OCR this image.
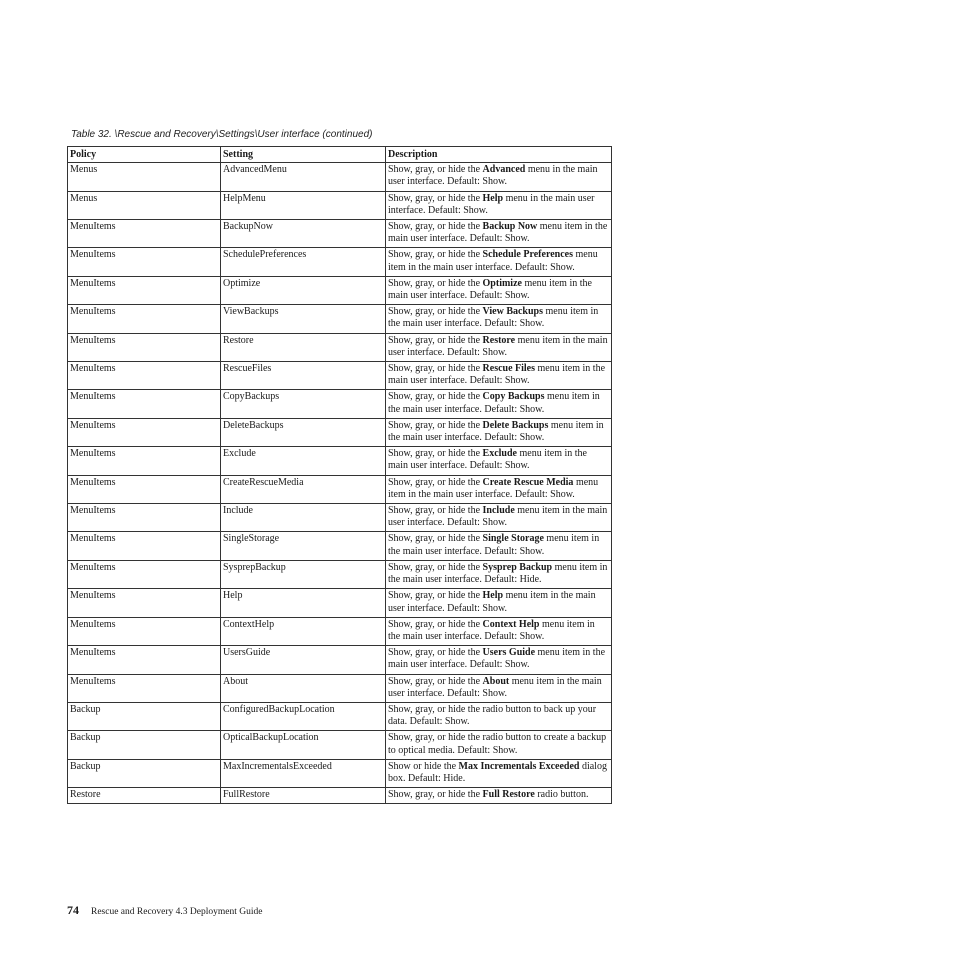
Table 32. \Rescue and Recovery\Settings\User interface (continued)
Policy	Setting	Description
Menus	AdvancedMenu	Show, gray, or hide the Advanced menu in the main user interface. Default: Show.
Menus	HelpMenu	Show, gray, or hide the Help menu in the main user interface. Default: Show.
MenuItems	BackupNow	Show, gray, or hide the Backup Now menu item in the main user interface. Default: Show.
MenuItems	SchedulePreferences	Show, gray, or hide the Schedule Preferences menu item in the main user interface. Default: Show.
MenuItems	Optimize	Show, gray, or hide the Optimize menu item in the main user interface. Default: Show.
MenuItems	ViewBackups	Show, gray, or hide the View Backups menu item in the main user interface. Default: Show.
MenuItems	Restore	Show, gray, or hide the Restore menu item in the main user interface. Default: Show.
MenuItems	RescueFiles	Show, gray, or hide the Rescue Files menu item in the main user interface. Default: Show.
MenuItems	CopyBackups	Show, gray, or hide the Copy Backups menu item in the main user interface. Default: Show.
MenuItems	DeleteBackups	Show, gray, or hide the Delete Backups menu item in the main user interface. Default: Show.
MenuItems	Exclude	Show, gray, or hide the Exclude menu item in the main user interface. Default: Show.
MenuItems	CreateRescueMedia	Show, gray, or hide the Create Rescue Media menu item in the main user interface. Default: Show.
MenuItems	Include	Show, gray, or hide the Include menu item in the main user interface. Default: Show.
MenuItems	SingleStorage	Show, gray, or hide the Single Storage menu item in the main user interface. Default: Show.
MenuItems	SysprepBackup	Show, gray, or hide the Sysprep Backup menu item in the main user interface. Default: Hide.
MenuItems	Help	Show, gray, or hide the Help menu item in the main user interface. Default: Show.
MenuItems	ContextHelp	Show, gray, or hide the Context Help menu item in the main user interface. Default: Show.
MenuItems	UsersGuide	Show, gray, or hide the Users Guide menu item in the main user interface. Default: Show.
MenuItems	About	Show, gray, or hide the About menu item in the main user interface. Default: Show.
Backup	ConfiguredBackupLocation	Show, gray, or hide the radio button to back up your data. Default: Show.
Backup	OpticalBackupLocation	Show, gray, or hide the radio button to create a backup to optical media. Default: Show.
Backup	MaxIncrementalsExceeded	Show or hide the Max Incrementals Exceeded dialog box. Default: Hide.
Restore	FullRestore	Show, gray, or hide the Full Restore radio button.
74 Rescue and Recovery 4.3 Deployment Guide
